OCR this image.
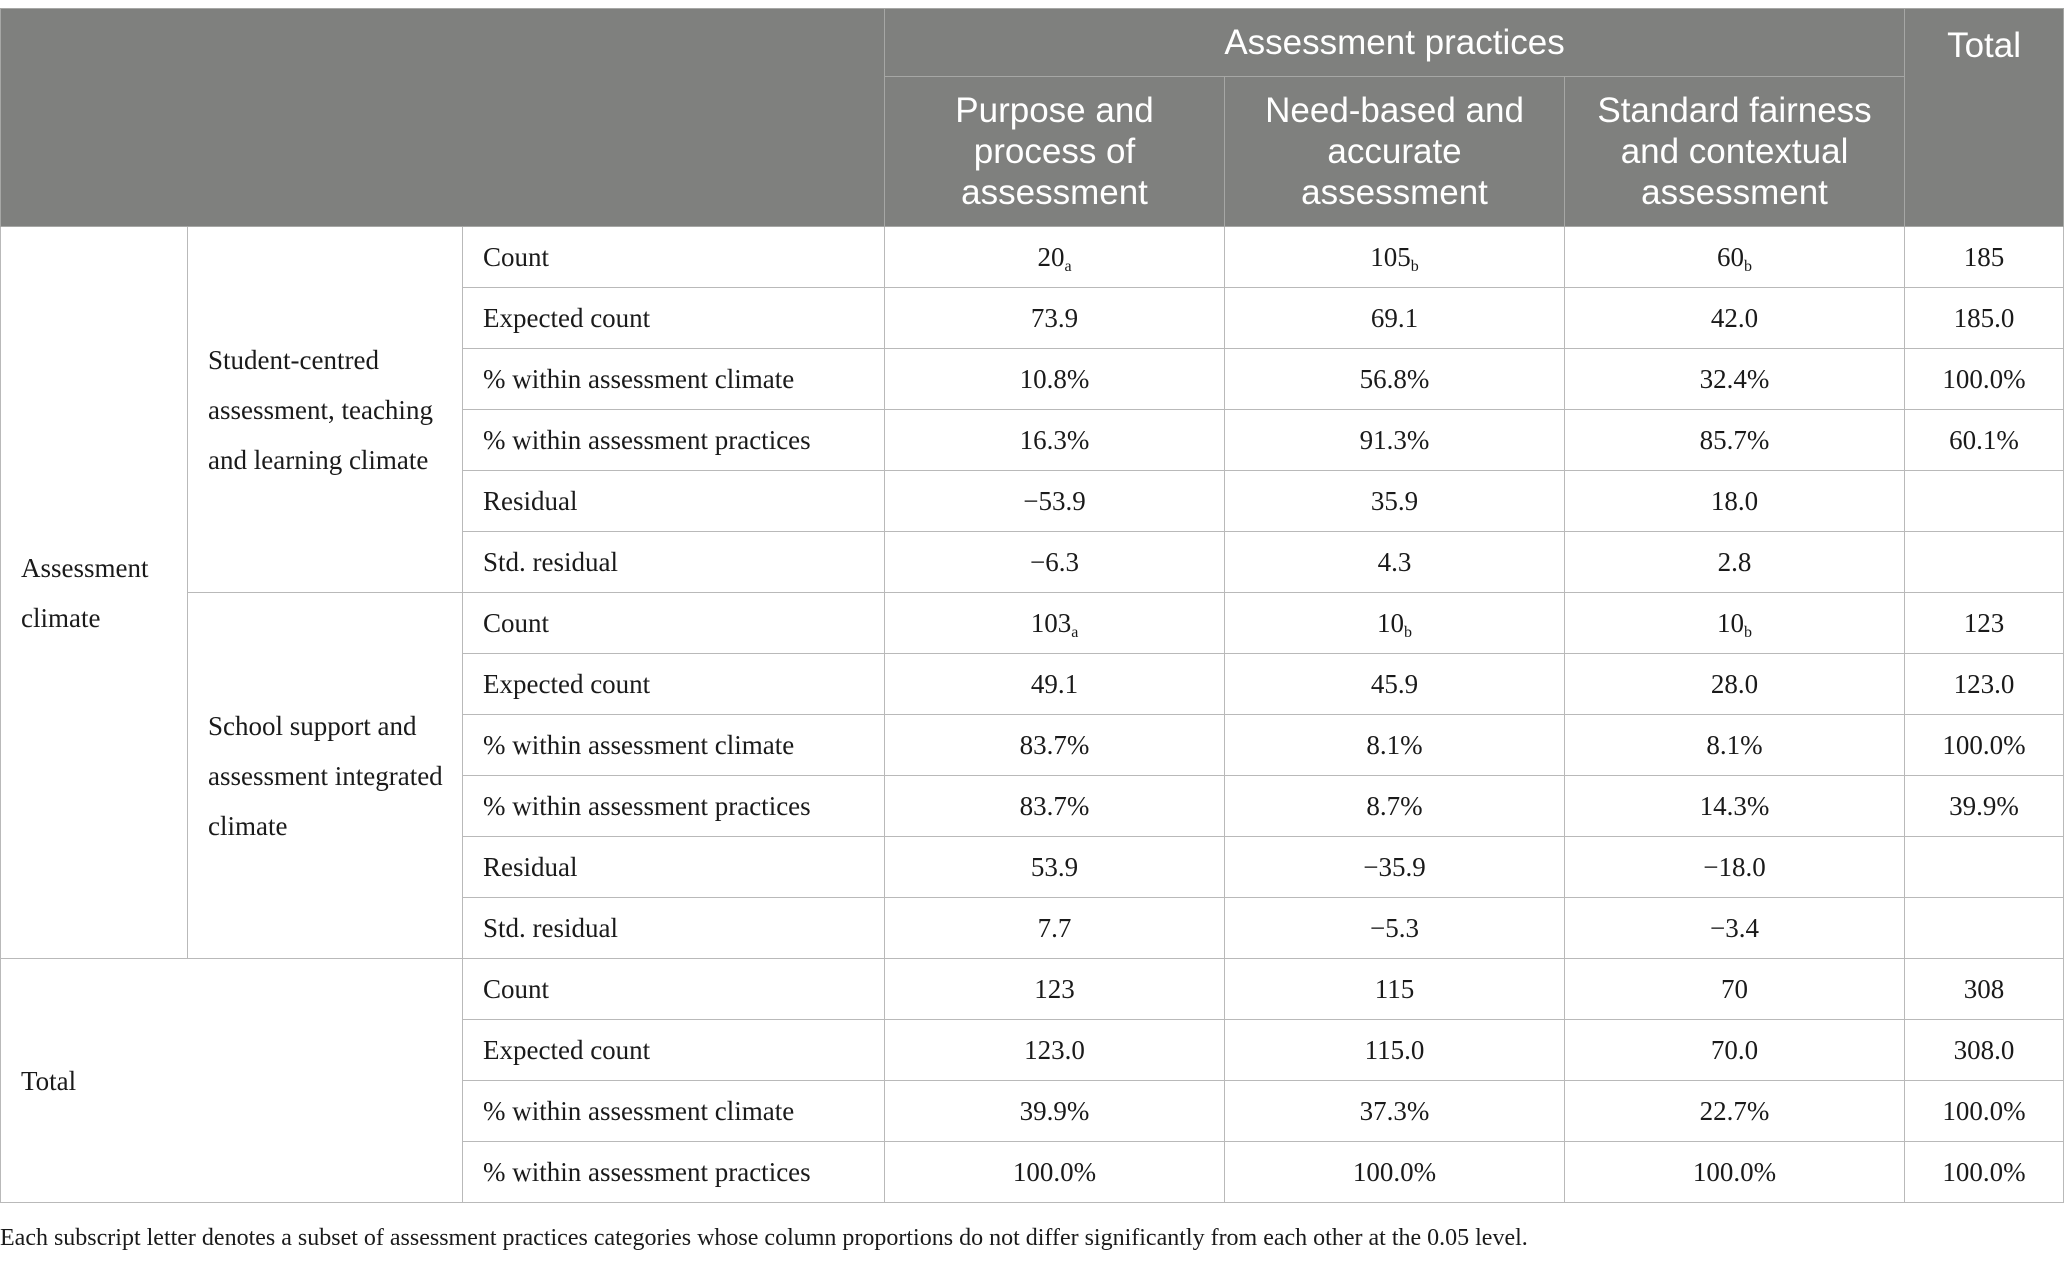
			Assessment practices			Total
			Purpose and process of assessment	Need-based and accurate assessment	Standard fairness and contextual assessment	
Assessment climate	Student-centred assessment, teaching and learning climate	Count	$20_a$	$105_b$	$60_b$	185
		Expected count	73.9	69.1	42.0	185.0
		% within assessment climate	10.8%	56.8%	32.4%	100.0%
		% within assessment practices	16.3%	91.3%	85.7%	60.1%
		Residual	−53.9	35.9	18.0	
		Std. residual	−6.3	4.3	2.8	
	School support and assessment integrated climate	Count	$103_a$	$10_b$	$10_b$	123
		Expected count	49.1	45.9	28.0	123.0
		% within assessment climate	83.7%	8.1%	8.1%	100.0%
		% within assessment practices	83.7%	8.7%	14.3%	39.9%
		Residual	53.9	−35.9	−18.0	
		Std. residual	7.7	−5.3	−3.4	
Total		Count	123	115	70	308
		Expected count	123.0	115.0	70.0	308.0
		% within assessment climate	39.9%	37.3%	22.7%	100.0%
		% within assessment practices	100.0%	100.0%	100.0%	100.0%
Each subscript letter denotes a subset of assessment practices categories whose column proportions do not differ significantly from each other at the 0.05 level.
